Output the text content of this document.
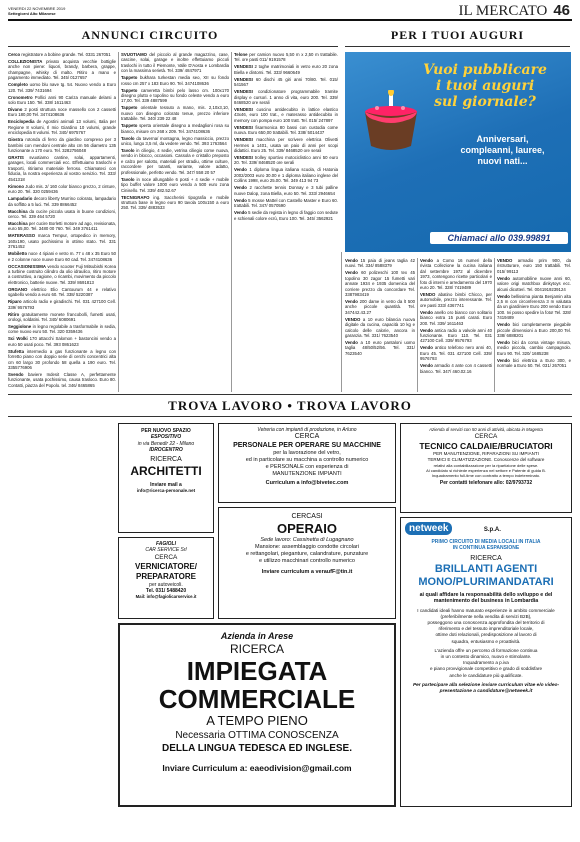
VENERDI 22 NOVEMBRE 2019
Settegiorni Alto Milanese	IL MERCATO 46
ANNUNCI CIRCUITO	PER I TUOI AUGURI

Cerco registratore a bobine grande. Tel. 0331 267051

COLLEZIONISTA privato acquista vecchie bottiglie anche non piene: liquori, brandy, barbera, grappe, champagne, whisky di malto. Ritiro a mano e pagamento immediato. Tel. 345/ 0127657

Completo uomo blu nave tg. 54. Nuovo vendo a Euro 120. Tel. 339/ 7431694

Cronometro Pollici anni 90 Cariza manuale delarsi a solo Euro 150. Tel. 338/ 1611463

Divano 2 posti struttura noce massello con 2 cassetti Euro 180,00 Tel. 3474108636

Enciclopedia de Agostini animali 13 volumi, Italia per Regione 8 volumi, Il mio Giardino 10 volumi, grande enciclopedia 8 volumi. Tel. 340/ 6975767

Giostra rotonda di ferro da giardino compreso per 3 bambini con mendoni centrale alto cm 56 diametro 135 funzionante a 170 euro. Tel. 3282756048

GRATIS svuotiamo cantine, solai, appartamenti, garages, locali commerciali ecc. Effettuiamo traslochi e trasporti, ritiriamo materiale ferroso. Chiamateci con fiducia, la nostra esperienza al vostro servizio. Tel. 333/ 4541318

Kimono Judo mis. 2/ 160 color bianco grezzo, 2 cinture, euro 20. Tel. 320 0259436

Lampadario decoro liberty Murrino colorato, lampadario da soffitto a 5 luci. Tel. 339 8866452

Macchina da cucire piccola usata in buone condizioni, cerco. Tel. 339 464 5720

Macchina per cucire Borletti motore ad ago, revisionata, euro 55,00. Tel. 3480 00 760. Tel. 349 3761411

MATERASSO marca Tempur, ortopedico in memory, 160x190, usato pochissimo in ottimo stato. Tel. 331 3761452

Mobiletto noce 4 ripiani e vetro m. 77 x 48 x 35 Euro 50 e 2 colonne noce nuove Euro 60 cad. Tel. 3474108636

OCCASIONISSIMA vendo scooter Fuji Mitsubishi Korea a turbine costruito cilindro da olio idraulico, ritiro motore a costruttivo, a ragione, o ricambi, movimento da piccolo elettronico, batterie nuove. Tel. 339/ 8691813

ORGANO elettrico Elio Cantourum 44 e relativo sgabello vendo a euro 60. Tel. 338/ 5220387

Riparo articolo radio e giradischi. Tel. 031 427100 Cell. 339/ 9576793

Ritiro gratuitamente monete francobolli, fumetti usati, orologi, soldatini. Tel. 340/ 6080691

Seggiolone in legno regolabile a trasformabile in sedia, come nuovo euro 50. Tel. 320 0359436

Sci Wolki 170 attacchi Salomon + bastoncini vendo a euro 50 usati poco. Tel. 393 0861623

Stufetta intermedio a gas funzionante a legno con forretto piano con doppio serie di cerchi concentrici alta cm 60 largo 30 profondo 58 quella a 190 euro. Tel. 3355776906

Svendo baviere Indesit Classe A, perfettamente funzionante, usata pochissimo, causa trasloco. Euro 80. Contatti, piazza del Popolo. tel. 346/ 8465865

SVUOTIAMO del piccolo al grande magazzino, case, cascine, solai, garage e inoltre effettuiamo piccoli traslochi in tutto il Piemonte, Valle D'Aosta e Lombardia con la massima serietà. Tel. 339/ 4847971

Tappeto bukhara turkestan media seo, XII su fondo rosso cm 257 x 183 Euro 90. Tel. 3474108636

Tappeto cameretta bimbi pelo lasso cm. 100x170 disegno plutto e topolino su fondo celeste vendo a euro 17,00. Tel. 339 4887599

Tappeto orientale tessuto a mano, mis. 2,10x3,10, nuovo con disegno colorato tenue, prezzo inferiore trattabile. Tel. 340/ 239 22 48

Tappeto sperta orientale disegno a medaglioni rosa su bianco, misure cm 268 x 209. Tel. 3474108636

Tavolo da taverna/ montagna, legno massiccio, prezzo unico, lungo 3,5 ml, da vedere vendo. Tel. 393 1763564

Tavolo in ciliegio, 4 sedie, vetrina ciliegio come nuova, vendo in blocco, occasioni. Cassola e cristallo preposto e calzo per salotto, materiali per stradiu, ottime culture, raccordere per tutanti, variante, valore adatto, professionale, perfetto vendo. Tel. 347/ 558 20 57

Tavolo in noce allungabile 6 posti + 4 sedie + mobile tipo buffet valore 1000 euro vendo a 500 euro zona Cinisello. Tel. 339/ 482.52.67

TECNIGRAFO ing. Saccherini tipografia e mobile struttura base in legno euro 90 tavola 100x150 a euro 250. Tel. 339/ 4883533

Telone per camion nuovo 5,50 m x 2,50 m trattabile. Tel. ore pasti 011/ 9191578

VENDESI 2 toghe matrimoniali in vetro euro 20 zona Biella e dintorni. Tel. 333/ 9660649

VENDESI 60 dischi 45 giri anni 70/80. Tel. 015/ 541567

VENDESI condizionatore programmabile tramite display e cursori. 1 anno di vita, euro 200. Tel. 339/ 8468520 ore serali

VENDESI cuscino antidecubito in lattice elastico 43x46, euro 100 trat., e materasso antidecubito in memory con pompa euro 100 tratt. Tel. 015/ 247897

VENDESI fisarmonica 80 bassi con custodia come nuova. Euro 650,00 trattabili. Tel. 338/ 5014437

VENDESI macchina per scrivere elettrica Olivetti Hermes a 1401, usata un paio di anni per scopi didattici. Euro 25. Tel. 339/ 8468520 ore serali

VENDESI trolley sportivo motociclistico anni 50 euro 20. Tel. 339/ 8468520 ore serali

Vendo 1 diploma lingua italiana scuola, di Hatonia 2002/2003 euro 30.00 e 1 diploma italiano inglese del Collins 1998, euro 25.00. Tel. 349 413 94 73

Vendo 2 racchette tennis Donnay e 3 tubi palline nuove Dalop, zona Biella, euro 50. Tel. 333/ 2946654

Vendo 5 mosse Mattel con Castello Master e Euro 60. trattabili. Tel. 347/ 0570590

Vendo 5 sedie da regista in legno di faggio con sedute e schienali colore ecrù, Euro 100. Tel. 345/ 3562921

Vendo 15 paia di jeans taglia 42 nuovi. Tel. 334/ 8588379

Vendo 60 polizeschi 100 tex 45 topolino 30 zagor 15 fumetti vari annate 1934 e 1935 domenica del corriere prezzo da concordare Tel. 3387983419

Vendo 200 dame in vetro da lt 500 anche piccole quantità. Tel. 347442.43.27

VENDO a 10 euro bilancia nuova digitale da cucina, capacità 10 kg e calcolo delle calorie, ancora in garanzia. Tel. 331/ 7623540

Vendo a 10 euro pantaloni uomo taglia 48/50/52/56. Tel. 331/ 7623540

Vendo a Como 16 numeri della rivista Collezione la cucina italiana dal settembre 1972 al dicembre 1973, contengono ricette particolari e foto di interni e arredamento del 1970 euro 20. Tel. 328/ 7419489

VENDO abatino bimbi Chicco, per automobile, prezzo interessante. Tel. ore pasti 333/ 4367741

Vendo anello oro bianco con solitario bianco extra 15 punti carati. Euro 200. Tel. 339/ 1611463

Vendo antica radio a valvole anni 40 funzionante. Euro 110. Tel. 031 427100 Cell. 339/ 9576793

Vendo antico telefono nero anni 40, Euro 45. Tel. 031 427100 Cell. 339/ 9576793

Vendo armadio 4 ante con 4 cassetti bianco. Tel. 347/ 460.02.16

VENDO armadio prim 900, da ristrutturare, euro 150 trattabili. Tel. 015/ 99113

Vendo automobiline nuove anni 60, valore origi matchbox dinkytoys ecc. alcuni dicotteri. Tel. 0041919239124

Vendo bellissima pianta Benjamin alta 2,5 m con circonferenza 3 m valutata da un giardiniere Euro 200 vendo Euro 100. Ivi posso spedire la foto! Tel. 328/ 7419489

Vendo bici completamente piegabile piccole dimensioni a Euro 200,00 Tel. 338/ 6888201

Vendo bici da corsa vintage misura, medio piccola, cambio campagnolo. Euro 90. Tel. 320/ 1685238

Vendo bici elettrica a Euro 300, e normale a Euro 50. Tel. 031/ 267051

Vuoi pubblicare
i tuoi auguri
sul giornale?
Anniversari,
compleanni, lauree,
nuovi nati...
Chiamaci allo 039.99891
TROVA LAVORO • TROVA LAVORO
PER NUOVO SPAZIO
ESPOSITIVO
in via Benedir 22 - Milano
IDROCENTRO
RICERCA
ARCHITETTI
Inviare mail a
info@ricerca-personale.net
Vetreria con impianti di produzione, in Arluno
CERCA
PERSONALE PER OPERARE SU MACCHINE
per la lavorazione del vetro,
ed in particolare su macchina a controllo numerico
e PERSONALE con esperienza di
MANUTENZIONE IMPIANTI
Curriculum a info@bivetec.com
Azienda di servizi con 50 anni di attività, ubicata in Magenta
CERCA
TECNICO CALDAIE/BRUCIATORI
PER MANUTENZIONE, RIPARAZIONI SU IMPIANTI
TERMICI E CLIMATIZZAZIONE. Conoscenze del software
relativi alla contabilizzazione per la ripartizione delle spese.
Al candidato si richiede esperienza nel settore e Patente di guida B.
Inquadramento full-time con contratto a tempo indeterminato.
Per contatti telefonare allo: 02/9793732
FAGIOLI
CAR SERVICE Srl
CERCA
VERNICIATORE/ PREPARATORE
per autoveicoli.
Tel. 031/ 5488420
Mail: info@fagiolicarservice.it
CERCASI
OPERAIO
Sede lavoro: Cassinetta di Lugagnano
Mansione: assemblaggio condotte circolari
e rettangolari, pieganture, calandrature, punzature
e utilizzo macchinari controllo numerico
Inviare curriculum a veraufF@tin.it
netweek	S.p.A.
PRIMO CIRCUITO DI MEDIA LOCALI IN ITALIA
IN CONTINUA ESPANSIONE
RICERCA
BRILLANTI AGENTI MONO/PLURIMANDATARI
ai quali affidare la responsabilità dello sviluppo e del mantenimento del business in Lombardia
I candidati ideali hanno maturato esperienze in ambito commerciale
(preferibilmente nella vendita di servizi B2B),
posseggono una conoscenza approfondita del territorio di
riferimento e del tessuto imprenditoriale locale,
ottime doti relazionali, predisposizione al lavoro di
squadra, entusiasmo e proattività.
L'azienda offre un percorso di formazione continua
in un contesto dinamico, nuovo e stimolante.
Inquadramento a p.iva
e piano provvigionale competitivo e grado di soddisfare
anche le candidature più qualificate.
Per partecipare alla selezione inviare curriculum vitae e/o video-presentazione a candidature@netweek.it
Azienda in Arese
RICERCA
IMPIEGATA
COMMERCIALE
A TEMPO PIENO
Necessaria OTTIMA CONOSCENZA
DELLA LINGUA TEDESCA ED INGLESE.
Inviare Curriculum a: eaeodivision@gmail.com
